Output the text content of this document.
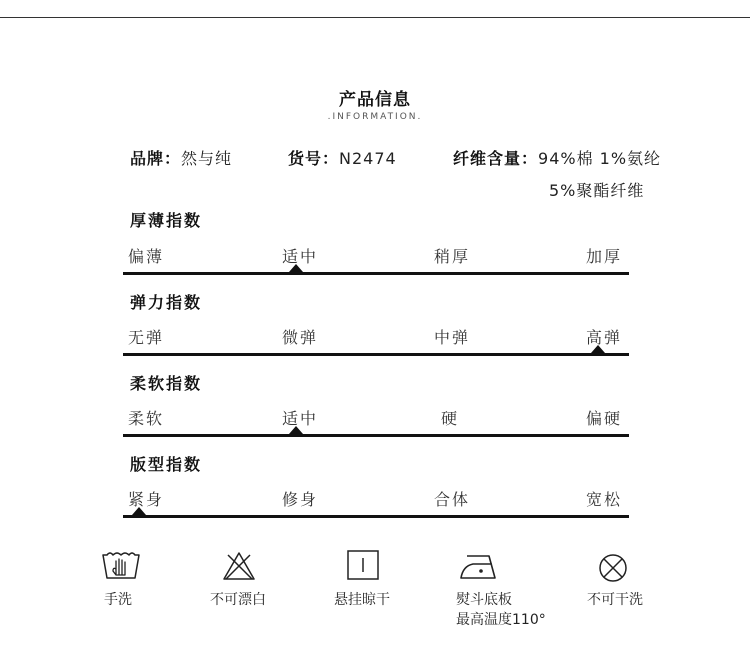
产品信息
.INFORMATION.
品牌：然与纯	货号：N2474	纤维含量：94%棉 1%氨纶
5%聚酯纤维
厚薄指数
偏薄	适中	稍厚	加厚
弹力指数
无弹	微弹	中弹	高弹
柔软指数
柔软	适中	硬	偏硬
版型指数
紧身	修身	合体	宽松
手洗	不可漂白	悬挂晾干	熨斗底板
最高温度110°
不可干洗
